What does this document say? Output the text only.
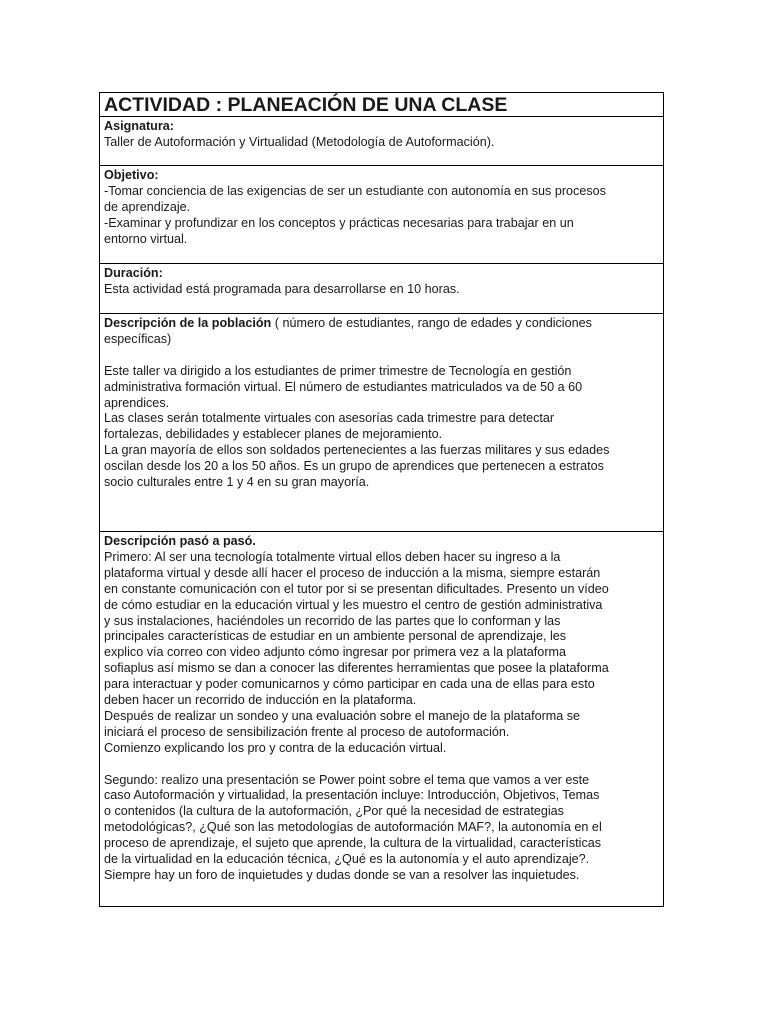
ACTIVIDAD : PLANEACIÓN DE UNA CLASE

Asignatura:
Taller de Autoformación y Virtualidad (Metodología de Autoformación).

Objetivo:
-Tomar conciencia de las exigencias de ser un estudiante con autonomía en sus procesos
de aprendizaje.
-Examinar y profundizar en los conceptos y prácticas necesarias para trabajar en un
entorno virtual.

Duración:
Esta actividad está programada para desarrollarse en 10 horas.

Descripción de la población ( número de estudiantes, rango de edades y condiciones
específicas)
Este taller va dirigido a los estudiantes de primer trimestre de Tecnología en gestión
administrativa formación virtual. El número de estudiantes matriculados va de 50 a 60
aprendices.
Las clases serán totalmente virtuales con asesorías cada trimestre para detectar
fortalezas, debilidades y establecer planes de mejoramiento.
La gran mayoría de ellos son soldados pertenecientes a las fuerzas militares y sus edades
oscilan desde los 20 a los 50 años. Es un grupo de aprendices que pertenecen a estratos
socio culturales entre 1 y 4 en su gran mayoría.

Descripción pasó a pasó.
Primero: Al ser una tecnología totalmente virtual ellos deben hacer su ingreso a la
plataforma virtual y desde allí hacer el proceso de inducción a la misma, siempre estarán
en constante comunicación con el tutor por si se presentan dificultades. Presento un vídeo
de cómo estudiar en la educación virtual y les muestro el centro de gestión administrativa
y sus instalaciones, haciéndoles un recorrido de las partes que lo conforman y las
principales características de estudiar en un ambiente personal de aprendizaje, les
explico vía correo con video adjunto cómo ingresar por primera vez a la plataforma
sofiaplus así mismo se dan a conocer las diferentes herramientas que posee la plataforma
para interactuar y poder comunicarnos y cómo participar en cada una de ellas para esto
deben hacer un recorrido de inducción en la plataforma.
Después de realizar un sondeo y una evaluación sobre el manejo de la plataforma se
iniciará el proceso de sensibilización frente al proceso de autoformación.
Comienzo explicando los pro y contra de la educación virtual.
Segundo: realizo una presentación se Power point sobre el tema que vamos a ver este
caso Autoformación y virtualidad, la presentación incluye: Introducción, Objetivos, Temas
o contenidos (la cultura de la autoformación, ¿Por qué la necesidad de estrategias
metodológicas?, ¿Qué son las metodologías de autoformación MAF?, la autonomía en el
proceso de aprendizaje, el sujeto que aprende, la cultura de la virtualidad, características
de la virtualidad en la educación técnica, ¿Qué es la autonomía y el auto aprendizaje?.
Siempre hay un foro de inquietudes y dudas donde se van a resolver las inquietudes.
